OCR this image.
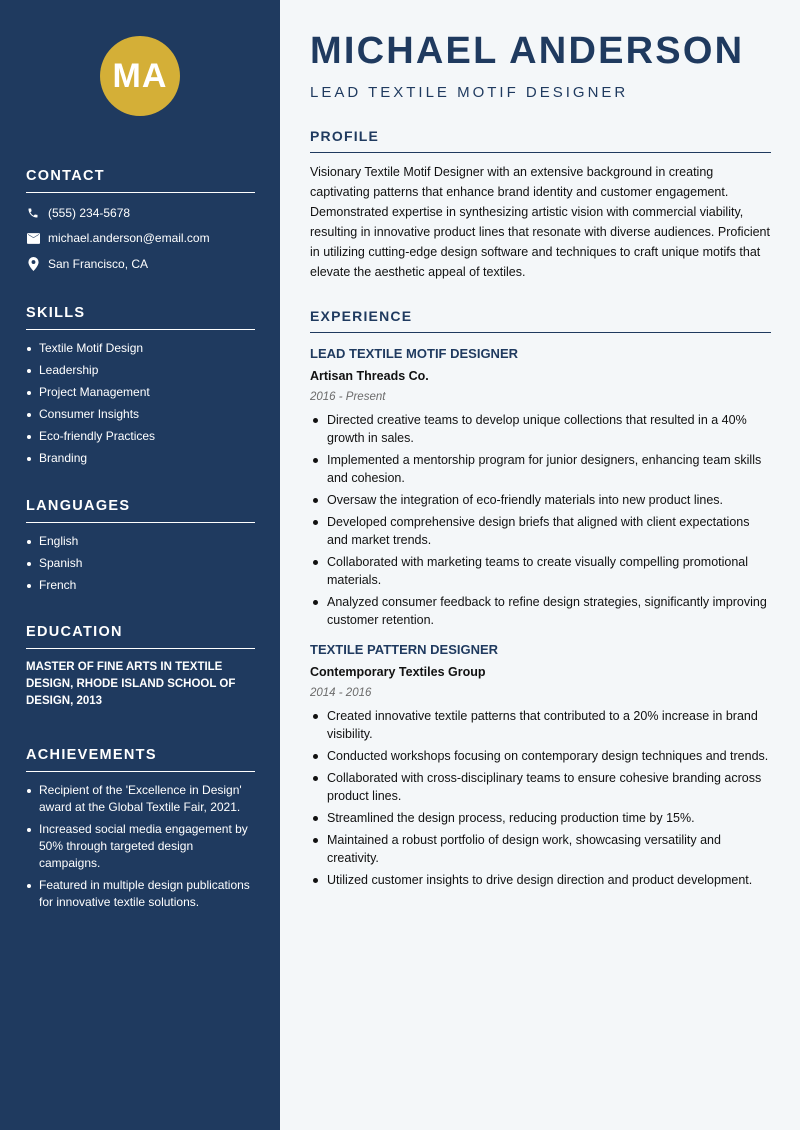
MA
CONTACT
(555) 234-5678
michael.anderson@email.com
San Francisco, CA
SKILLS
Textile Motif Design
Leadership
Project Management
Consumer Insights
Eco-friendly Practices
Branding
LANGUAGES
English
Spanish
French
EDUCATION
MASTER OF FINE ARTS IN TEXTILE DESIGN, RHODE ISLAND SCHOOL OF DESIGN, 2013
ACHIEVEMENTS
Recipient of the 'Excellence in Design' award at the Global Textile Fair, 2021.
Increased social media engagement by 50% through targeted design campaigns.
Featured in multiple design publications for innovative textile solutions.
MICHAEL ANDERSON
LEAD TEXTILE MOTIF DESIGNER
PROFILE
Visionary Textile Motif Designer with an extensive background in creating captivating patterns that enhance brand identity and customer engagement. Demonstrated expertise in synthesizing artistic vision with commercial viability, resulting in innovative product lines that resonate with diverse audiences. Proficient in utilizing cutting-edge design software and techniques to craft unique motifs that elevate the aesthetic appeal of textiles.
EXPERIENCE
LEAD TEXTILE MOTIF DESIGNER
Artisan Threads Co.
2016 - Present
Directed creative teams to develop unique collections that resulted in a 40% growth in sales.
Implemented a mentorship program for junior designers, enhancing team skills and cohesion.
Oversaw the integration of eco-friendly materials into new product lines.
Developed comprehensive design briefs that aligned with client expectations and market trends.
Collaborated with marketing teams to create visually compelling promotional materials.
Analyzed consumer feedback to refine design strategies, significantly improving customer retention.
TEXTILE PATTERN DESIGNER
Contemporary Textiles Group
2014 - 2016
Created innovative textile patterns that contributed to a 20% increase in brand visibility.
Conducted workshops focusing on contemporary design techniques and trends.
Collaborated with cross-disciplinary teams to ensure cohesive branding across product lines.
Streamlined the design process, reducing production time by 15%.
Maintained a robust portfolio of design work, showcasing versatility and creativity.
Utilized customer insights to drive design direction and product development.
